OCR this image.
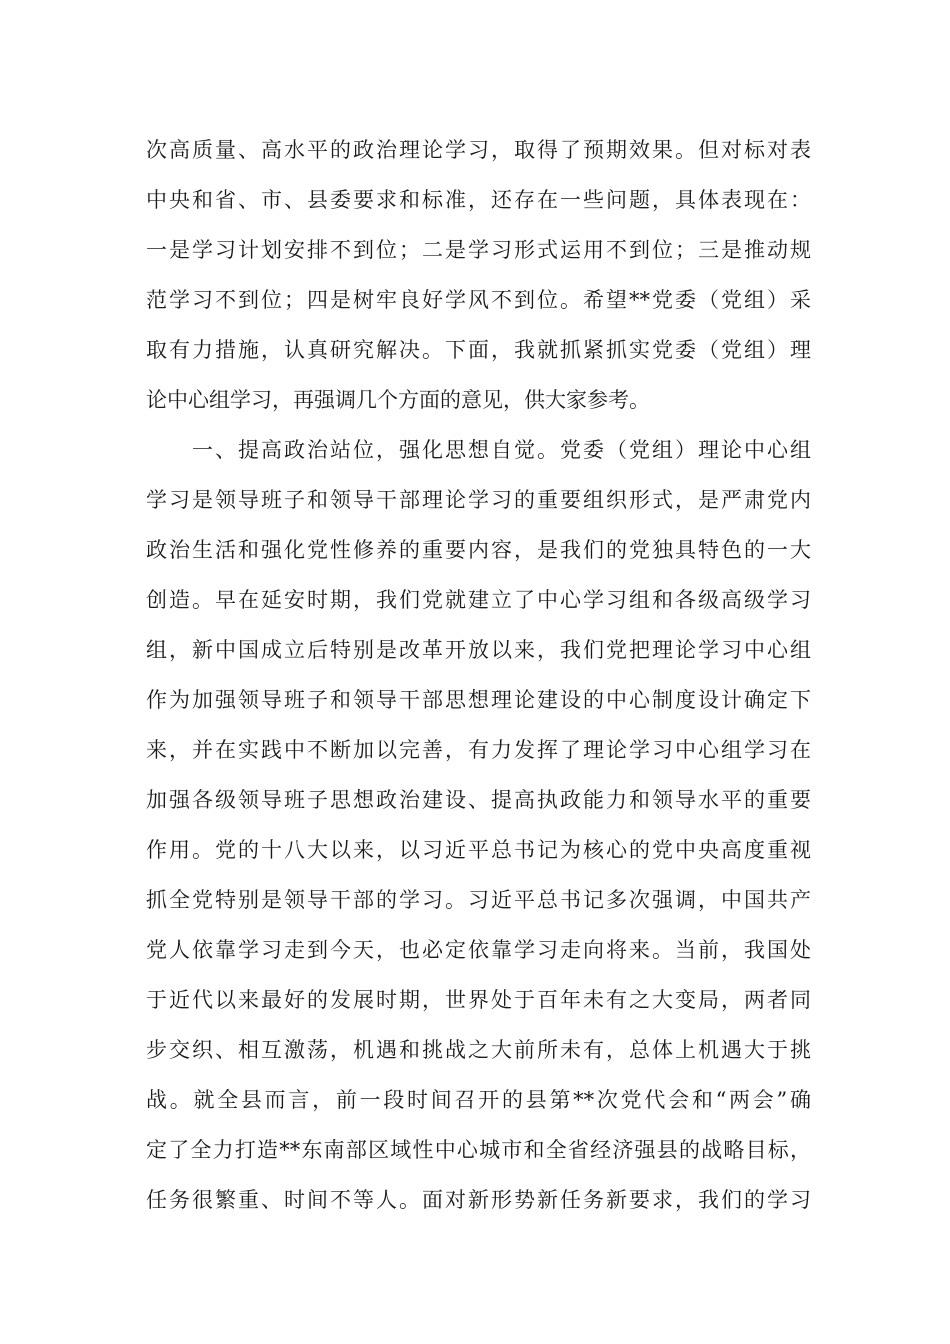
次高质量、高水平的政治理论学习，取得了预期效果。但对标对表
中央和省、市、县委要求和标准，还存在一些问题，具体表现在：
一是学习计划安排不到位；二是学习形式运用不到位；三是推动规
范学习不到位；四是树牢良好学风不到位。希望**党委（党组）采
取有力措施，认真研究解决。下面，我就抓紧抓实党委（党组）理
论中心组学习，再强调几个方面的意见，供大家参考。
一、提高政治站位，强化思想自觉。党委（党组）理论中心组
学习是领导班子和领导干部理论学习的重要组织形式，是严肃党内
政治生活和强化党性修养的重要内容，是我们的党独具特色的一大
创造。早在延安时期，我们党就建立了中心学习组和各级高级学习
组，新中国成立后特别是改革开放以来，我们党把理论学习中心组
作为加强领导班子和领导干部思想理论建设的中心制度设计确定下
来，并在实践中不断加以完善，有力发挥了理论学习中心组学习在
加强各级领导班子思想政治建设、提高执政能力和领导水平的重要
作用。党的十八大以来，以习近平总书记为核心的党中央高度重视
抓全党特别是领导干部的学习。习近平总书记多次强调，中国共产
党人依靠学习走到今天，也必定依靠学习走向将来。当前，我国处
于近代以来最好的发展时期，世界处于百年未有之大变局，两者同
步交织、相互激荡，机遇和挑战之大前所未有，总体上机遇大于挑
战。就全县而言，前一段时间召开的县第**次党代会和“两会”确
定了全力打造**东南部区域性中心城市和全省经济强县的战略目标，
任务很繁重、时间不等人。面对新形势新任务新要求，我们的学习
